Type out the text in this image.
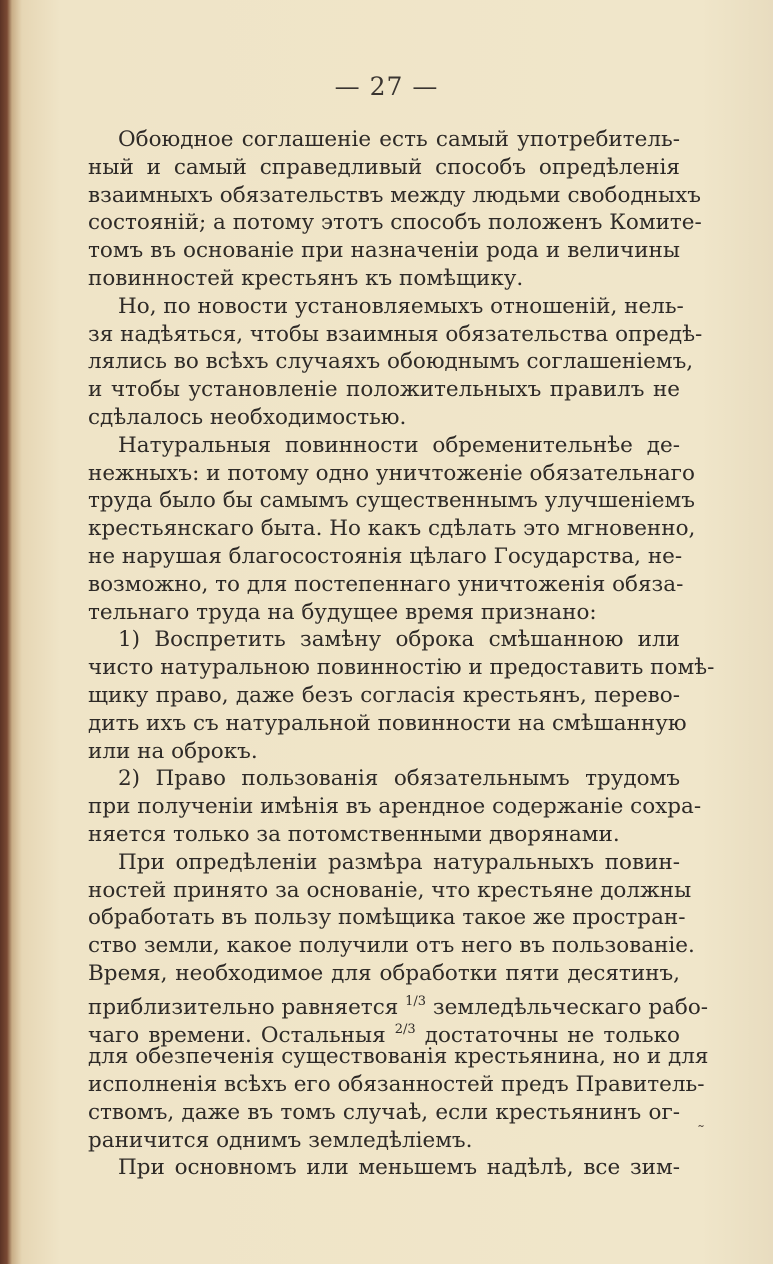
— 27 —
Обоюдное соглашеніе есть самый употребитель-
ный и самый справедливый способъ опредѣленія
взаимныхъ обязательствъ между людьми свободныхъ
состояній; а потому этотъ способъ положенъ Комите-
томъ въ основаніе при назначеніи рода и величины
повинностей крестьянъ къ помѣщику.
Но, по новости установляемыхъ отношеній, нель-
зя надѣяться, чтобы взаимныя обязательства опредѣ-
лялись во всѣхъ случаяхъ обоюднымъ соглашеніемъ,
и чтобы установленіе положительныхъ правилъ не
сдѣлалось необходимостью.
Натуральныя повинности обременительнѣе де-
нежныхъ: и потому одно уничтоженіе обязательнаго
труда было бы самымъ существеннымъ улучшеніемъ
крестьянскаго быта. Но какъ сдѣлать это мгновенно,
не нарушая благосостоянія цѣлаго Государства, не-
возможно, то для постепеннаго уничтоженія обяза-
тельнаго труда на будущее время признано:
1) Воспретить замѣну оброка смѣшанною или
чисто натуральною повинностію и предоставить помѣ-
щику право, даже безъ согласія крестьянъ, перево-
дить ихъ съ натуральной повинности на смѣшанную
или на оброкъ.
2) Право пользованія обязательнымъ трудомъ
при полученіи имѣнія въ арендное содержаніе сохра-
няется только за потомственными дворянами.
При опредѣленіи размѣра натуральныхъ повин-
ностей принято за основаніе, что крестьяне должны
обработать въ пользу помѣщика такое же простран-
ство земли, какое получили отъ него въ пользованіе.
Время, необходимое для обработки пяти десятинъ,
приблизительно равняется $^{1/3}$ земледѣльческаго рабо-
чаго времени. Остальныя $^{2/3}$ достаточны не только
для обезпеченія существованія крестьянина, но и для
исполненія всѣхъ его обязанностей предъ Правитель-
ствомъ, даже въ томъ случаѣ, если крестьянинъ ог-
раничится однимъ земледѣліемъ.
При основномъ или меньшемъ надѣлѣ, все зим-
˜
